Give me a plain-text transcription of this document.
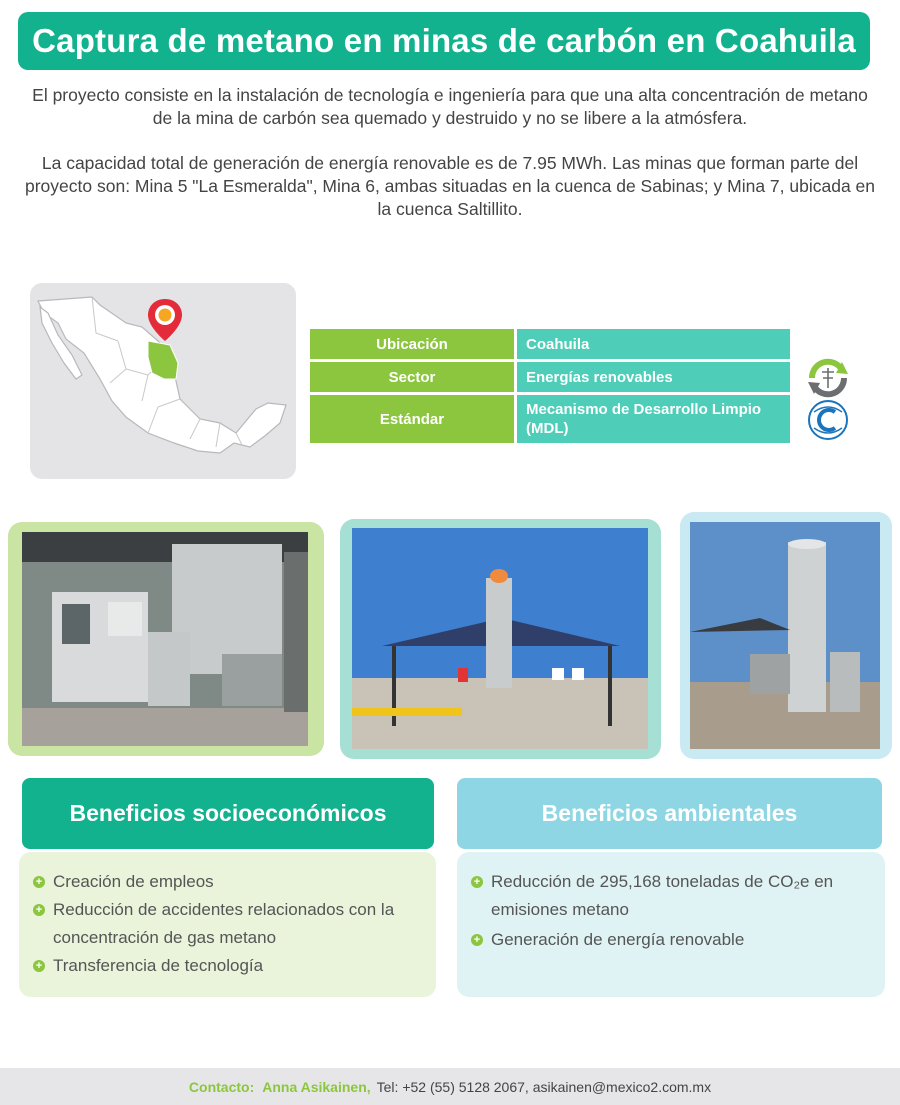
Captura de metano en minas de carbón en Coahuila

El proyecto consiste en la instalación de tecnología e ingeniería para que una alta concentración de metano de la mina de carbón sea quemado y destruido y no se libere a la atmósfera.

La capacidad total de generación de energía renovable es de 7.95 MWh. Las minas que forman parte del proyecto son: Mina 5 "La Esmeralda", Mina 6, ambas situadas en la cuenca de Sabinas; y Mina 7, ubicada en la cuenca Saltillito.

Ubicación	Coahuila
Sector	Energías renovables
Estándar
Mecanismo de Desarrollo Limpio (MDL)
Beneficios socioeconómicos
+ Creación de empleos
+ Reducción de accidentes relacionados con la concentración de gas metano
+ Transferencia de tecnología
Beneficios ambientales
+ Reducción de 295,168 toneladas de CO₂e en emisiones metano
+ Generación de energía renovable
Contacto: Anna Asikainen, Tel: +52 (55) 5128 2067, asikainen@mexico2.com.mx
